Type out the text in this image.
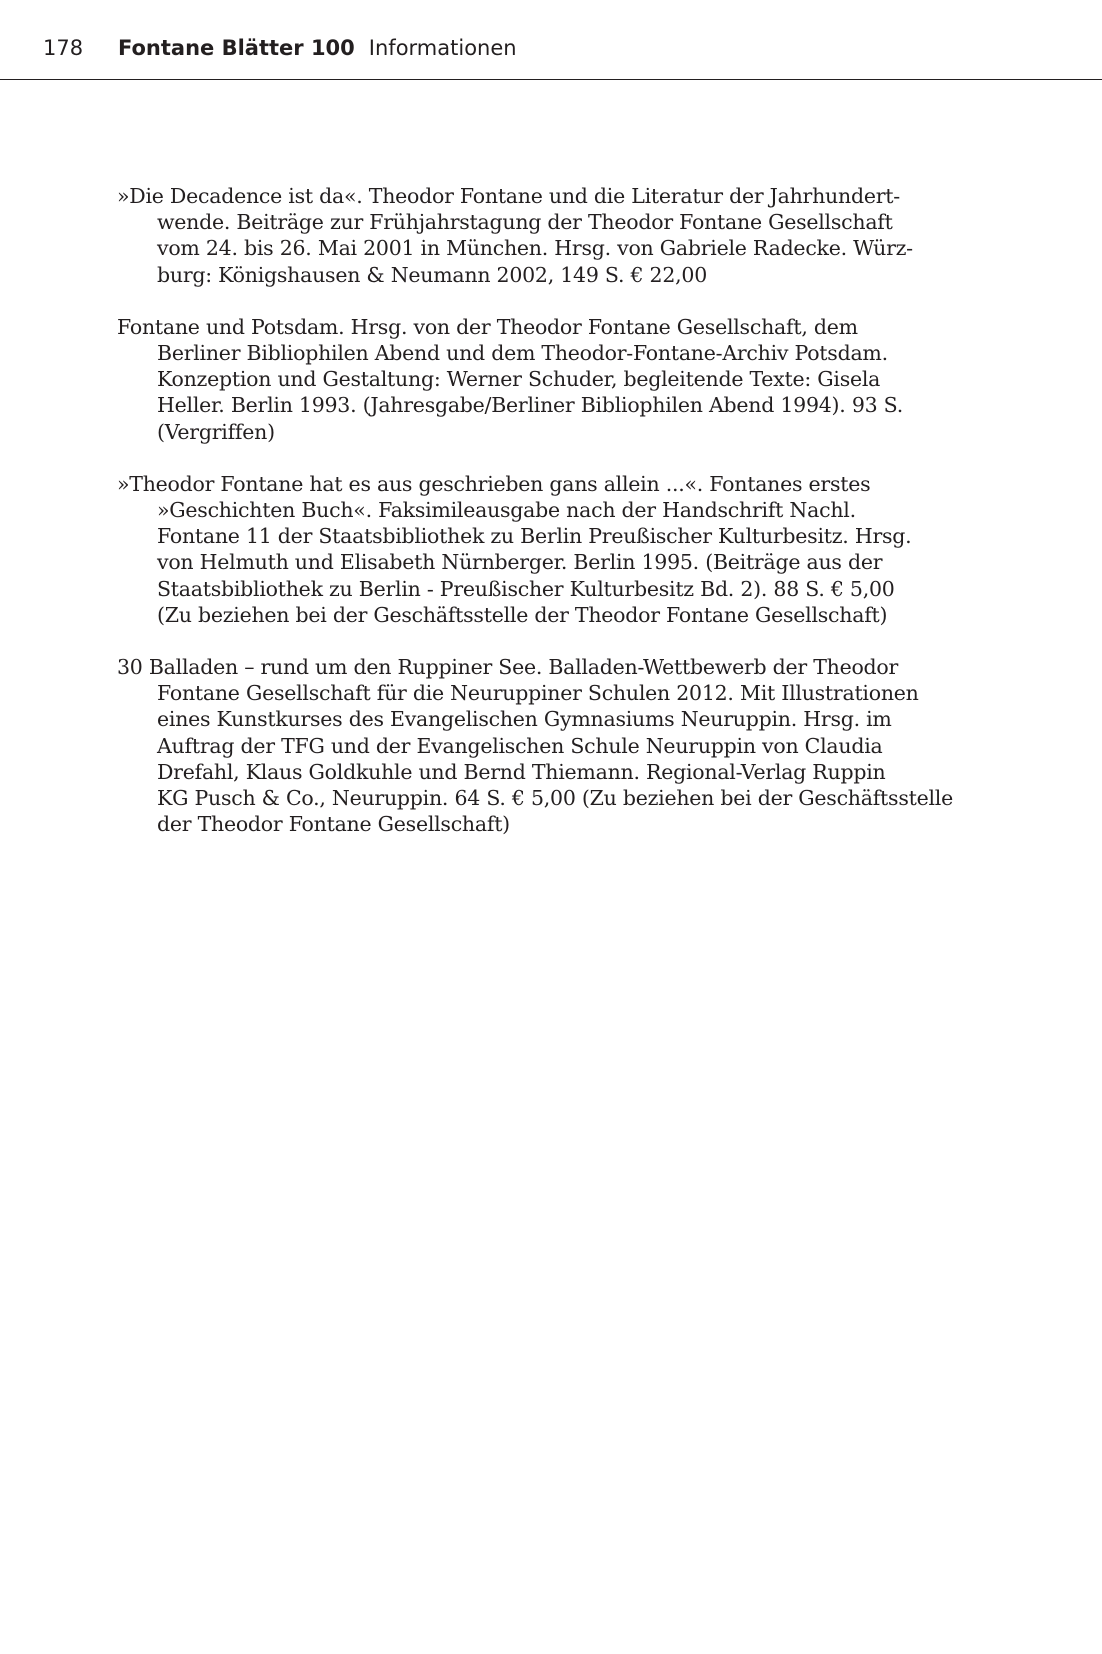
178 Fontane Blätter 100 Informationen
»Die Decadence ist da«. Theodor Fontane und die Literatur der Jahrhundert-
wende. Beiträge zur Frühjahrstagung der Theodor Fontane Gesellschaft
vom 24. bis 26. Mai 2001 in München. Hrsg. von Gabriele Radecke. Würz-
burg: Königshausen & Neumann 2002, 149 S. € 22,00
Fontane und Potsdam. Hrsg. von der Theodor Fontane Gesellschaft, dem
Berliner Bibliophilen Abend und dem Theodor-Fontane-Archiv Potsdam.
Konzeption und Gestaltung: Werner Schuder, begleitende Texte: Gisela
Heller. Berlin 1993. (Jahresgabe/Berliner Bibliophilen Abend 1994). 93 S.
(Vergriffen)
»Theodor Fontane hat es aus geschrieben gans allein ...«. Fontanes erstes
»Geschichten Buch«. Faksimileausgabe nach der Handschrift Nachl.
Fontane 11 der Staatsbibliothek zu Berlin Preußischer Kulturbesitz. Hrsg.
von Helmuth und Elisabeth Nürnberger. Berlin 1995. (Beiträge aus der
Staatsbibliothek zu Berlin - Preußischer Kulturbesitz Bd. 2). 88 S. € 5,00
(Zu beziehen bei der Geschäftsstelle der Theodor Fontane Gesellschaft)
30 Balladen – rund um den Ruppiner See. Balladen-Wettbewerb der Theodor
Fontane Gesellschaft für die Neuruppiner Schulen 2012. Mit Illustrationen
eines Kunstkurses des Evangelischen Gymnasiums Neuruppin. Hrsg. im
Auftrag der TFG und der Evangelischen Schule Neuruppin von Claudia
Drefahl, Klaus Goldkuhle und Bernd Thiemann. Regional-Verlag Ruppin
KG Pusch & Co., Neuruppin. 64 S. € 5,00 (Zu beziehen bei der Geschäftsstelle
der Theodor Fontane Gesellschaft)
